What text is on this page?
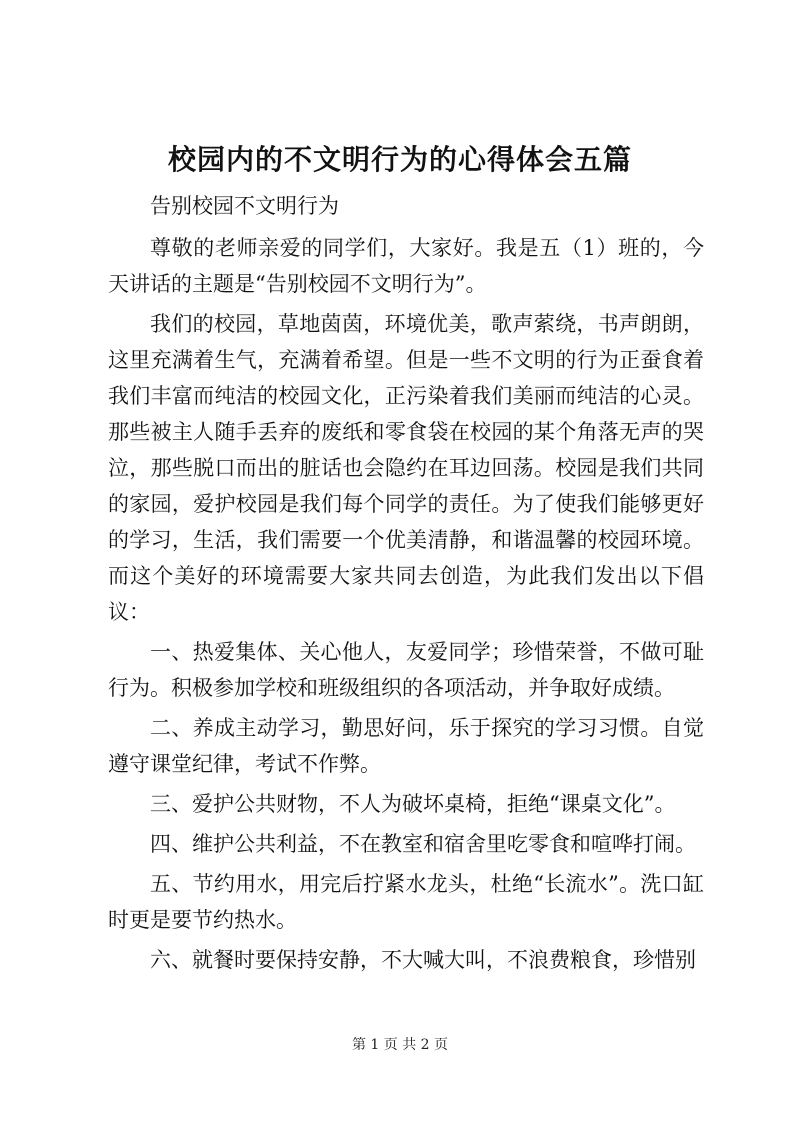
校园内的不文明行为的心得体会五篇

告别校园不文明行为

尊敬的老师亲爱的同学们，大家好。我是五（1）班的，今天讲话的主题是“告别校园不文明行为”。

我们的校园，草地茵茵，环境优美，歌声萦绕，书声朗朗，这里充满着生气，充满着希望。但是一些不文明的行为正蚕食着我们丰富而纯洁的校园文化，正污染着我们美丽而纯洁的心灵。那些被主人随手丢弃的废纸和零食袋在校园的某个角落无声的哭泣，那些脱口而出的脏话也会隐约在耳边回荡。校园是我们共同的家园，爱护校园是我们每个同学的责任。为了使我们能够更好的学习，生活，我们需要一个优美清静，和谐温馨的校园环境。而这个美好的环境需要大家共同去创造，为此我们发出以下倡议：

一、热爱集体、关心他人，友爱同学；珍惜荣誉，不做可耻行为。积极参加学校和班级组织的各项活动，并争取好成绩。

二、养成主动学习，勤思好问，乐于探究的学习习惯。自觉遵守课堂纪律，考试不作弊。

三、爱护公共财物，不人为破坏桌椅，拒绝“课桌文化”。

四、维护公共利益，不在教室和宿舍里吃零食和喧哗打闹。

五、节约用水，用完后拧紧水龙头，杜绝“长流水”。洗口缸时更是要节约热水。

六、就餐时要保持安静，不大喊大叫，不浪费粮食，珍惜别

第 1 页 共 2 页
